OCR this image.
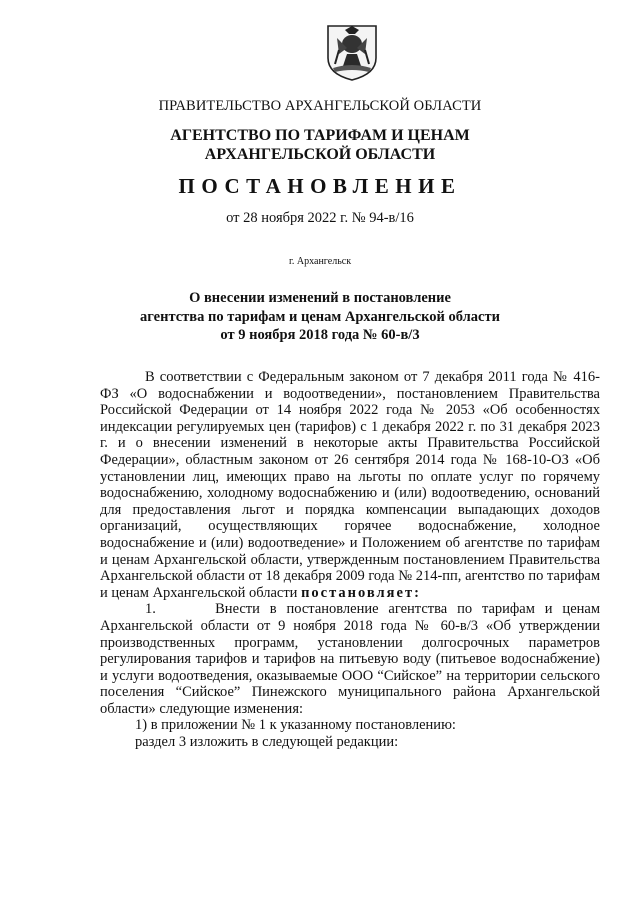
ПРАВИТЕЛЬСТВО АРХАНГЕЛЬСКОЙ ОБЛАСТИ
АГЕНТСТВО ПО ТАРИФАМ И ЦЕНАМ
АРХАНГЕЛЬСКОЙ ОБЛАСТИ
ПОСТАНОВЛЕНИЕ
от 28 ноября 2022 г. № 94-в/16
г. Архангельск
О внесении изменений в постановление
агентства по тарифам и ценам Архангельской области
от 9 ноября 2018 года № 60-в/3

В соответствии с Федеральным законом от 7 декабря 2011 года № 416-ФЗ «О водоснабжении и водоотведении», постановлением Правительства Российской Федерации от 14 ноября 2022 года № 2053 «Об особенностях индексации регулируемых цен (тарифов) с 1 декабря 2022 г. по 31 декабря 2023 г. и о внесении изменений в некоторые акты Правительства Российской Федерации», областным законом от 26 сентября 2014 года № 168-10-ОЗ «Об установлении лиц, имеющих право на льготы по оплате услуг по горячему водоснабжению, холодному водоснабжению и (или) водоотведению, оснований для предоставления льгот и порядка компенсации выпадающих доходов организаций, осуществляющих горячее водоснабжение, холодное водоснабжение и (или) водоотведение» и Положением об агентстве по тарифам и ценам Архангельской области, утвержденным постановлением Правительства Архангельской области от 18 декабря 2009 года № 214-пп, агентство по тарифам и ценам Архангельской области постановляет:

1.	Внести в постановление агентства по тарифам и ценам Архангельской области от 9 ноября 2018 года № 60-в/3 «Об утверждении производственных программ, установлении долгосрочных параметров регулирования тарифов и тарифов на питьевую воду (питьевое водоснабжение) и услуги водоотведения, оказываемые ООО “Сийское” на территории сельского поселения “Сийское” Пинежского муниципального района Архангельской области» следующие изменения:

1) в приложении № 1 к указанному постановлению:

раздел 3 изложить в следующей редакции:
